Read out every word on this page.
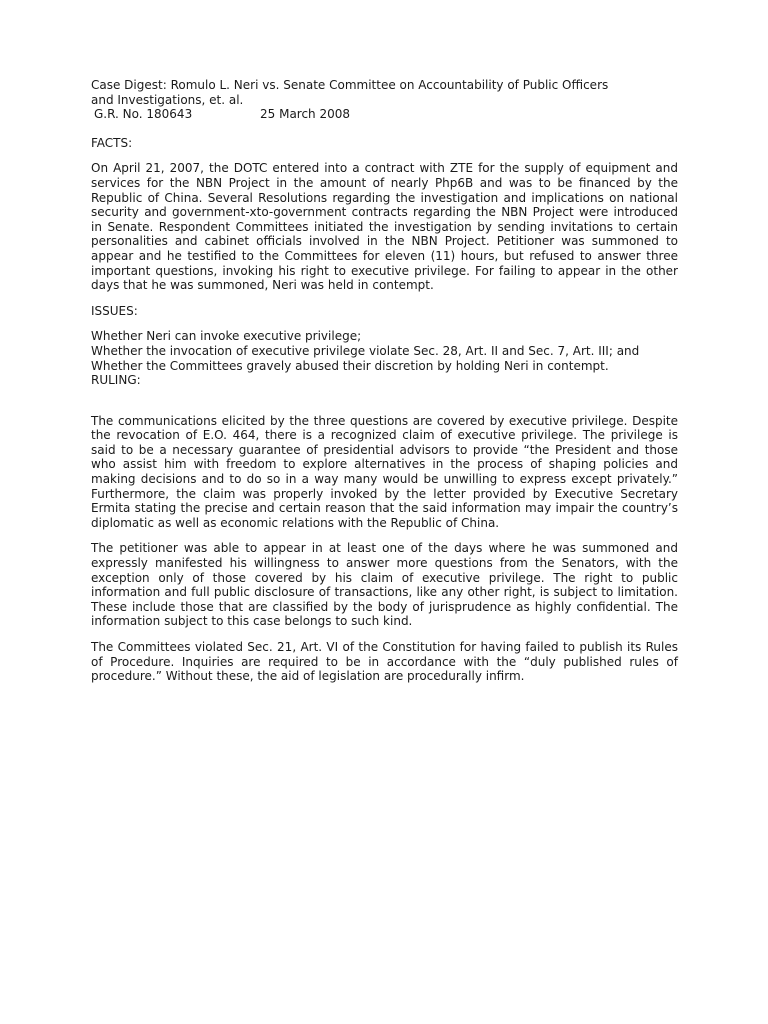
Case Digest: Romulo L. Neri vs. Senate Committee on Accountability of Public Officers

and Investigations, et. al.

G.R. No. 180643	25 March 2008

FACTS:

On April 21, 2007, the DOTC entered into a contract with ZTE for the supply of equipment and services for the NBN Project in the amount of nearly Php6B and was to be financed by the Republic of China. Several Resolutions regarding the investigation and implications on national security and government-xto-government contracts regarding the NBN Project were introduced in Senate. Respondent Committees initiated the investigation by sending invitations to certain personalities and cabinet officials involved in the NBN Project. Petitioner was summoned to appear and he testified to the Committees for eleven (11) hours, but refused to answer three important questions, invoking his right to executive privilege. For failing to appear in the other days that he was summoned, Neri was held in contempt.

ISSUES:

Whether Neri can invoke executive privilege;

Whether the invocation of executive privilege violate Sec. 28, Art. II and Sec. 7, Art. III; and

Whether the Committees gravely abused their discretion by holding Neri in contempt.

RULING:

The communications elicited by the three questions are covered by executive privilege. Despite the revocation of E.O. 464, there is a recognized claim of executive privilege. The privilege is said to be a necessary guarantee of presidential advisors to provide “the President and those who assist him with freedom to explore alternatives in the process of shaping policies and making decisions and to do so in a way many would be unwilling to express except privately.” Furthermore, the claim was properly invoked by the letter provided by Executive Secretary Ermita stating the precise and certain reason that the said information may impair the country’s diplomatic as well as economic relations with the Republic of China.

The petitioner was able to appear in at least one of the days where he was summoned and expressly manifested his willingness to answer more questions from the Senators, with the exception only of those covered by his claim of executive privilege. The right to public information and full public disclosure of transactions, like any other right, is subject to limitation. These include those that are classified by the body of jurisprudence as highly confidential. The information subject to this case belongs to such kind.

The Committees violated Sec. 21, Art. VI of the Constitution for having failed to publish its Rules of Procedure. Inquiries are required to be in accordance with the “duly published rules of procedure.” Without these, the aid of legislation are procedurally infirm.
